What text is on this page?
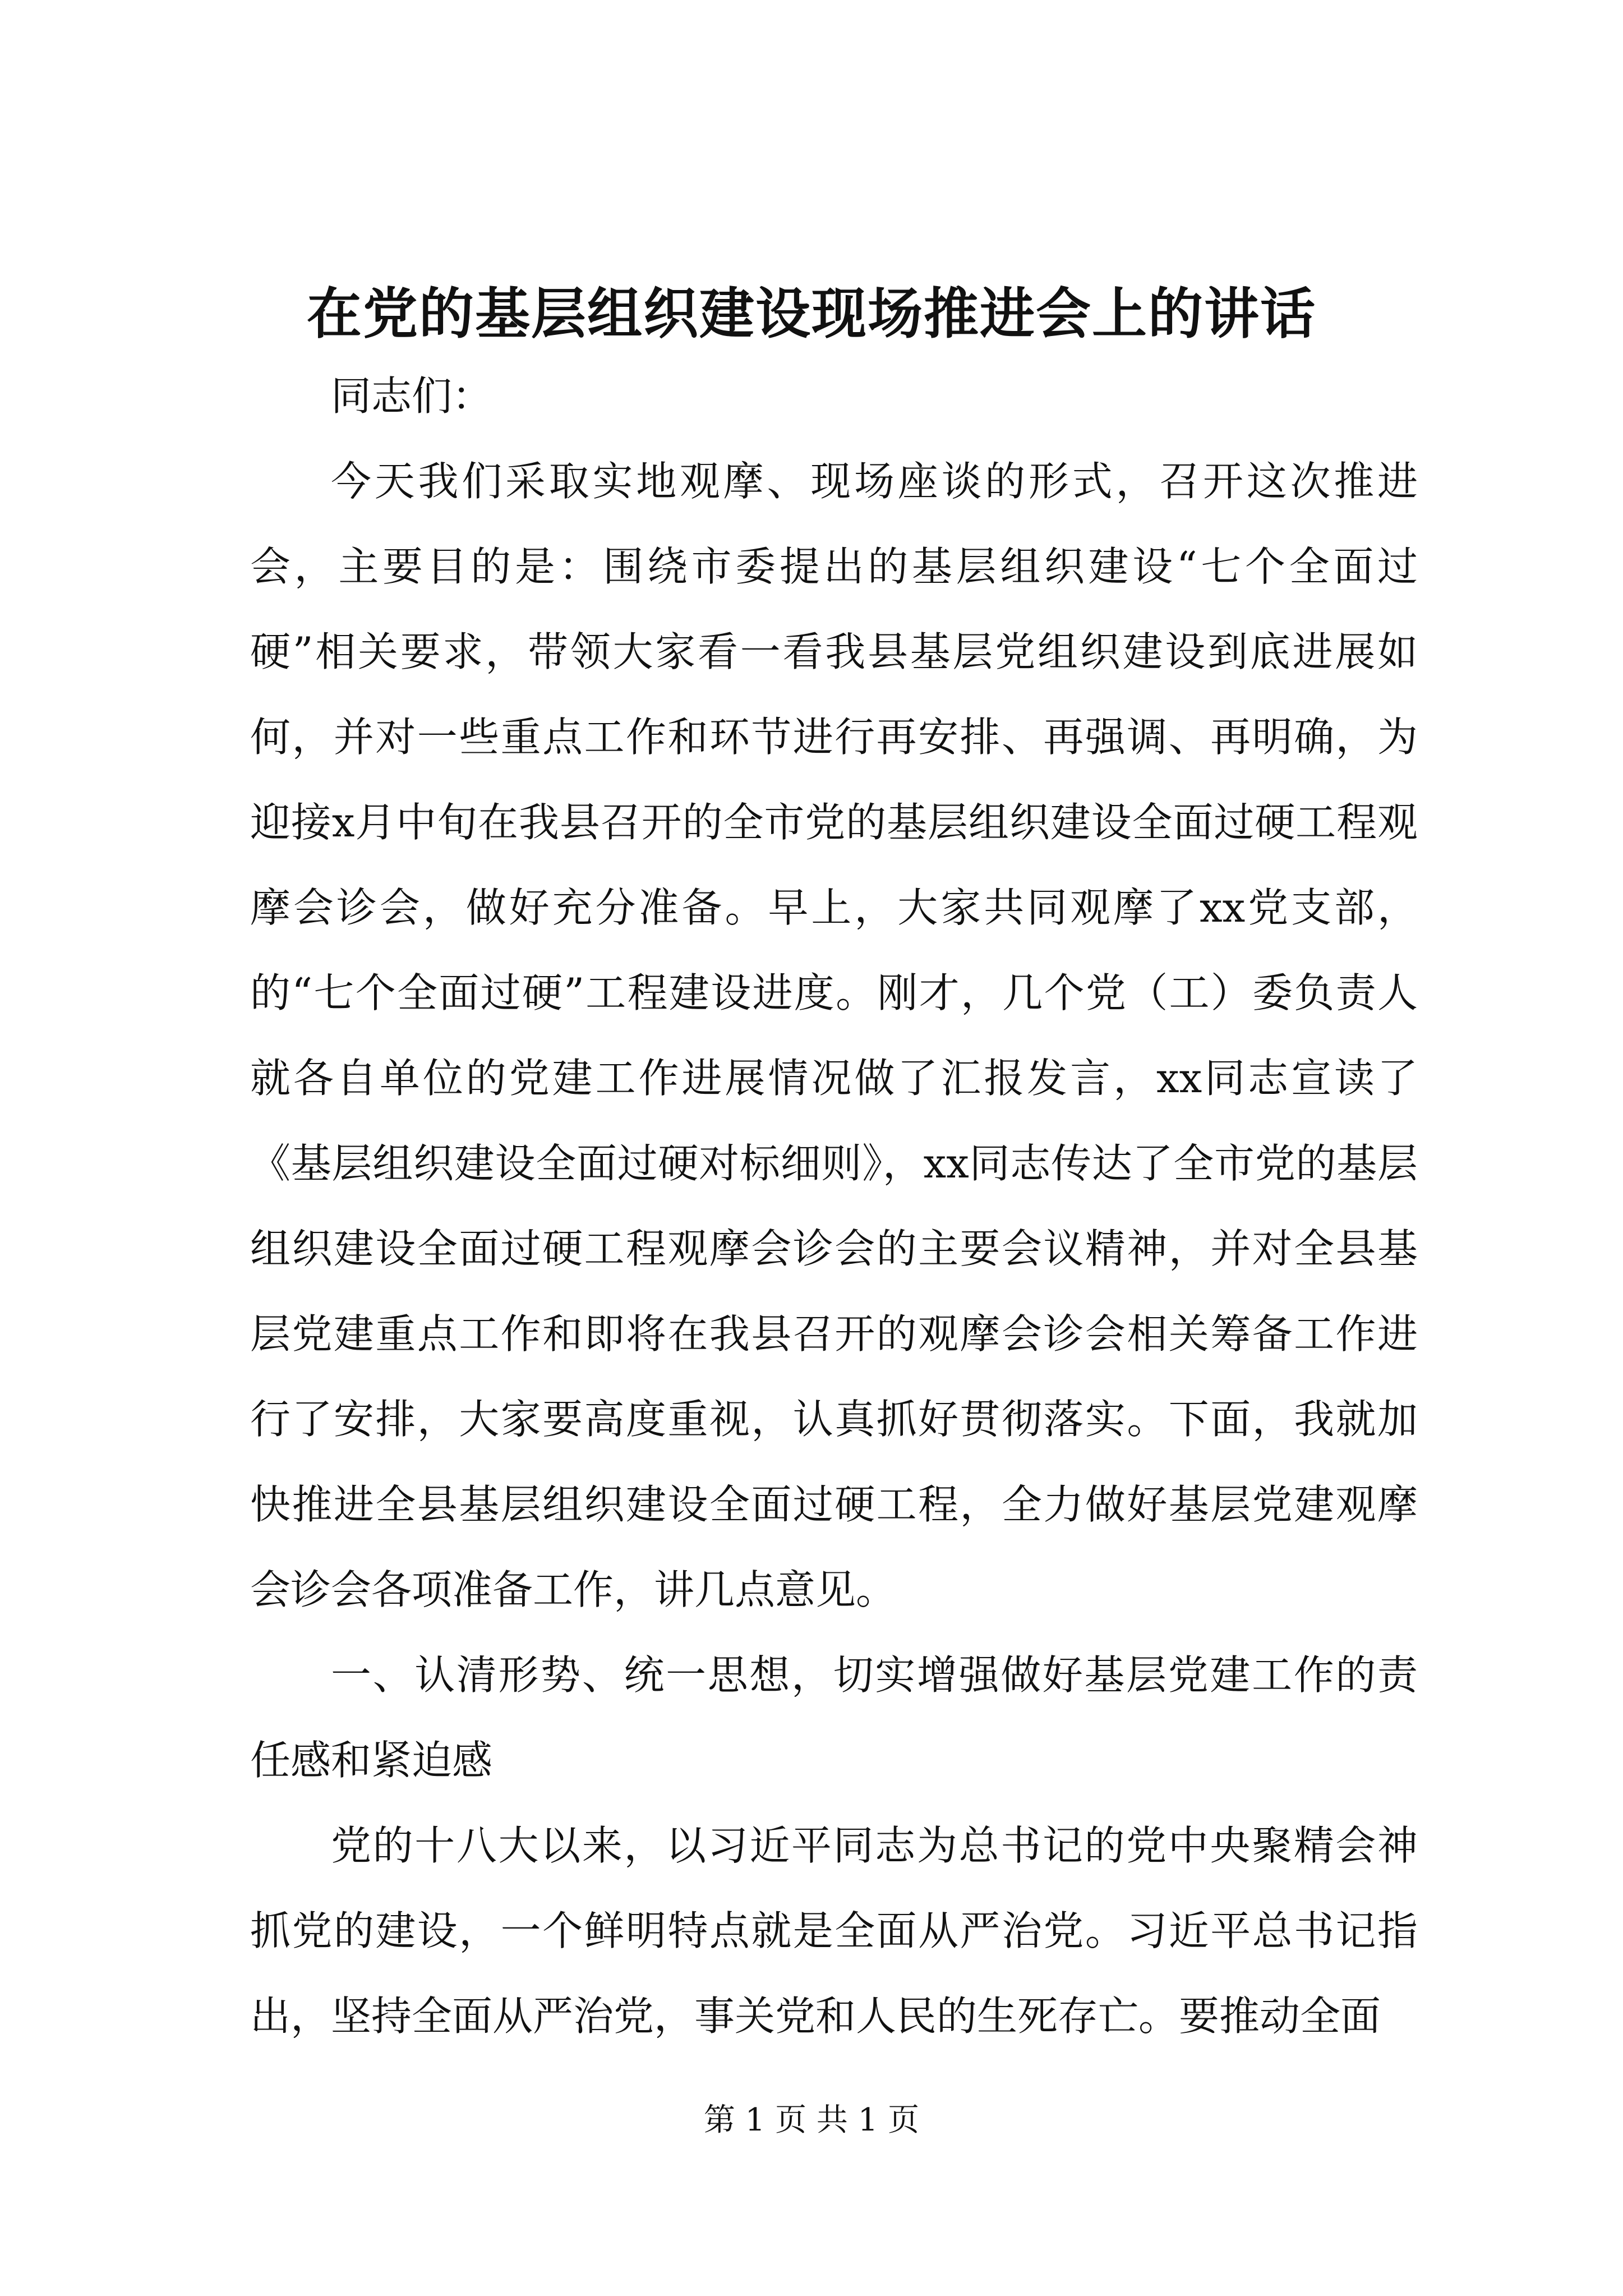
在党的基层组织建设现场推进会上的讲话

同志们：

今天我们采取实地观摩、现场座谈的形式，召开这次推进会，主要目的是：围绕市委提出的基层组织建设“七个全面过硬”相关要求，带领大家看一看我县基层党组织建设到底进展如何，并对一些重点工作和环节进行再安排、再强调、再明确，为迎接x月中旬在我县召开的全市党的基层组织建设全面过硬工程观摩会诊会，做好充分准备。早上，大家共同观摩了xx党支部，的“七个全面过硬”工程建设进度。刚才，几个党（工）委负责人就各自单位的党建工作进展情况做了汇报发言，xx同志宣读了《基层组织建设全面过硬对标细则》，xx同志传达了全市党的基层组织建设全面过硬工程观摩会诊会的主要会议精神，并对全县基层党建重点工作和即将在我县召开的观摩会诊会相关筹备工作进行了安排，大家要高度重视，认真抓好贯彻落实。下面，我就加快推进全县基层组织建设全面过硬工程，全力做好基层党建观摩会诊会各项准备工作，讲几点意见。

一、认清形势、统一思想，切实增强做好基层党建工作的责任感和紧迫感

党的十八大以来，以习近平同志为总书记的党中央聚精会神抓党的建设，一个鲜明特点就是全面从严治党。习近平总书记指出，坚持全面从严治党，事关党和人民的生死存亡。要推动全面

第 1 页 共 1 页
